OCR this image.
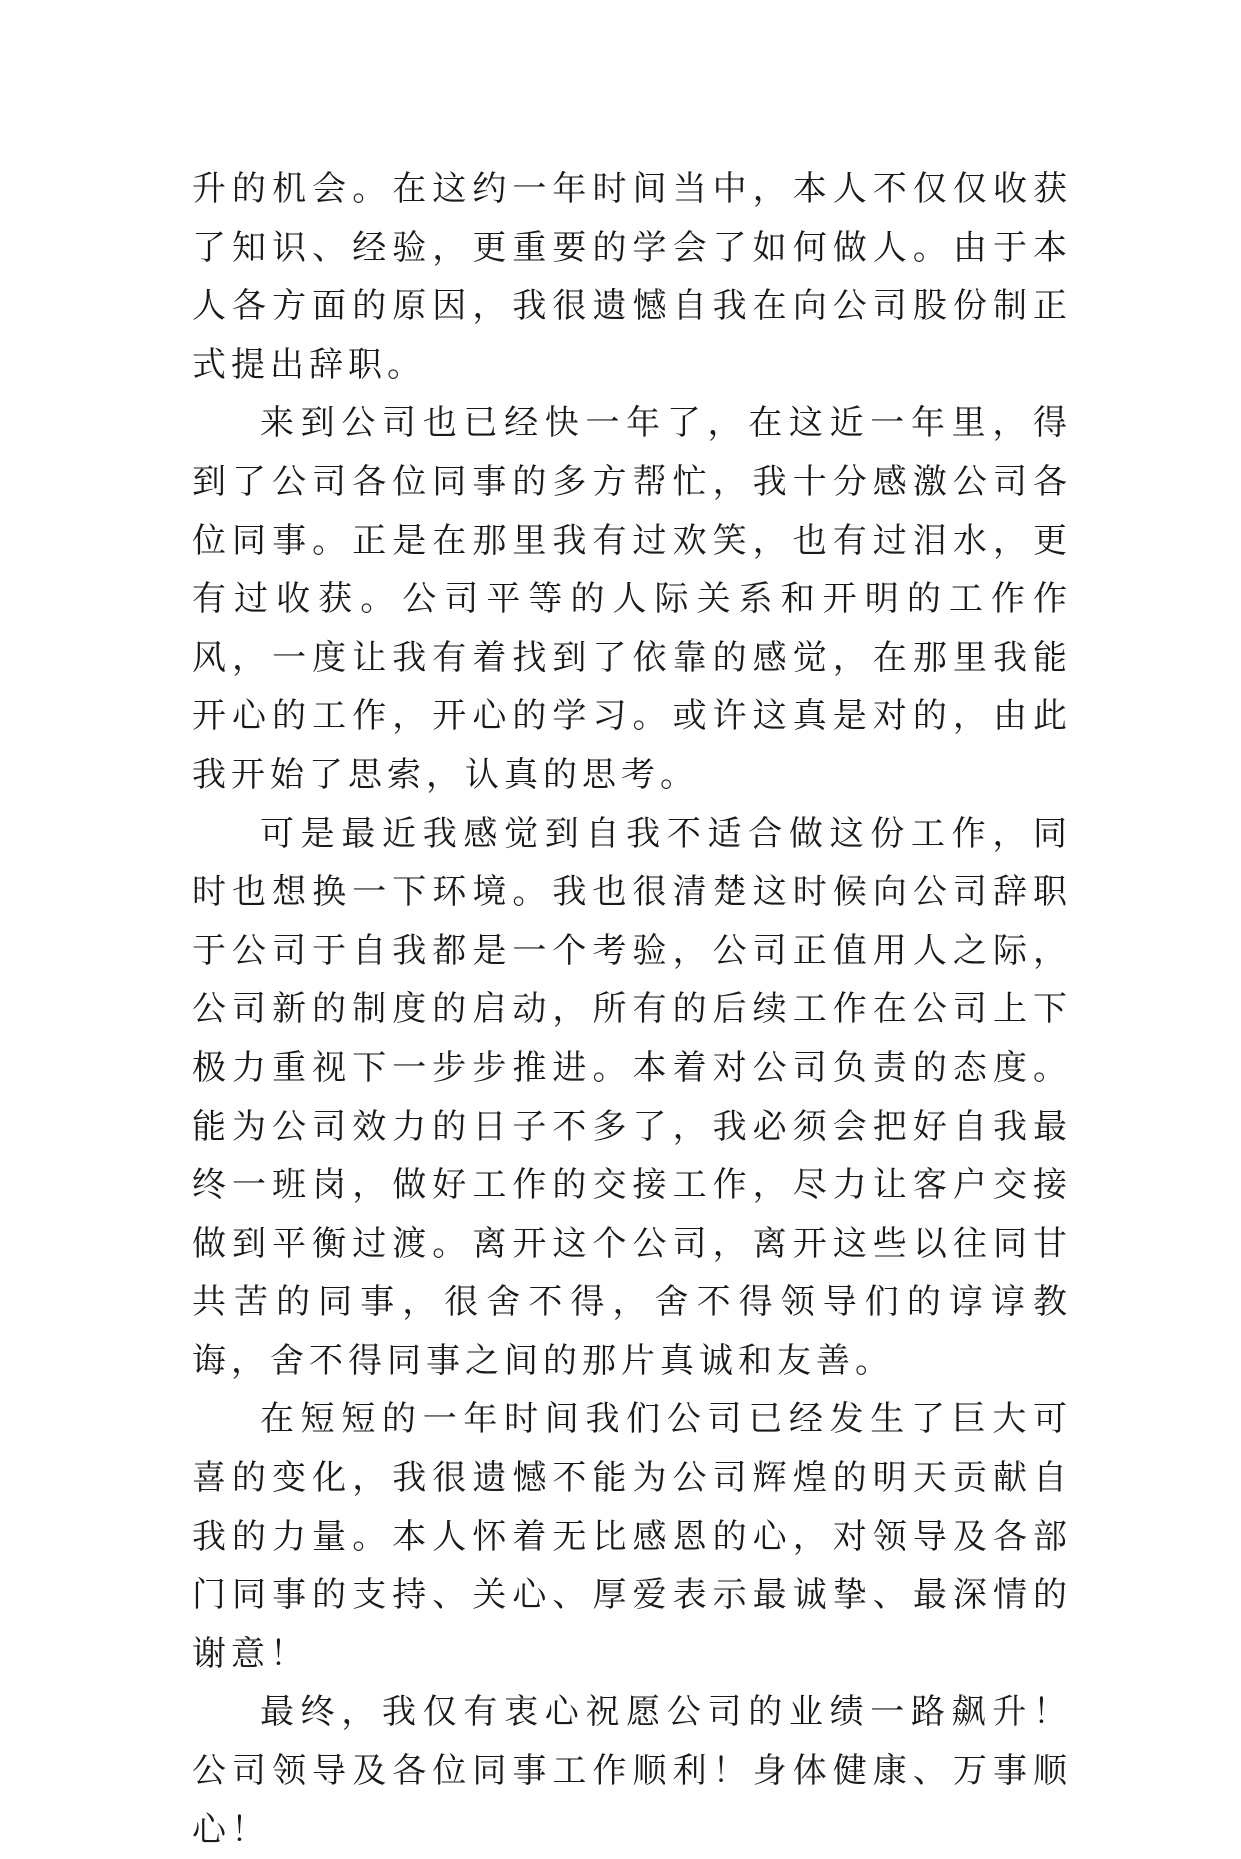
升的机会。在这约一年时间当中，本人不仅仅收获了知识、经验，更重要的学会了如何做人。由于本人各方面的原因，我很遗憾自我在向公司股份制正式提出辞职。

来到公司也已经快一年了，在这近一年里，得到了公司各位同事的多方帮忙，我十分感激公司各位同事。正是在那里我有过欢笑，也有过泪水，更有过收获。公司平等的人际关系和开明的工作作风，一度让我有着找到了依靠的感觉，在那里我能开心的工作，开心的学习。或许这真是对的，由此我开始了思索，认真的思考。

可是最近我感觉到自我不适合做这份工作，同时也想换一下环境。我也很清楚这时候向公司辞职于公司于自我都是一个考验，公司正值用人之际，公司新的制度的启动，所有的后续工作在公司上下极力重视下一步步推进。本着对公司负责的态度。能为公司效力的日子不多了，我必须会把好自我最终一班岗，做好工作的交接工作，尽力让客户交接做到平衡过渡。离开这个公司，离开这些以往同甘共苦的同事，很舍不得，舍不得领导们的谆谆教诲，舍不得同事之间的那片真诚和友善。

在短短的一年时间我们公司已经发生了巨大可喜的变化，我很遗憾不能为公司辉煌的明天贡献自我的力量。本人怀着无比感恩的心，对领导及各部门同事的支持、关心、厚爱表示最诚挚、最深情的谢意！

最终，我仅有衷心祝愿公司的业绩一路飙升！公司领导及各位同事工作顺利！身体健康、万事顺心！
